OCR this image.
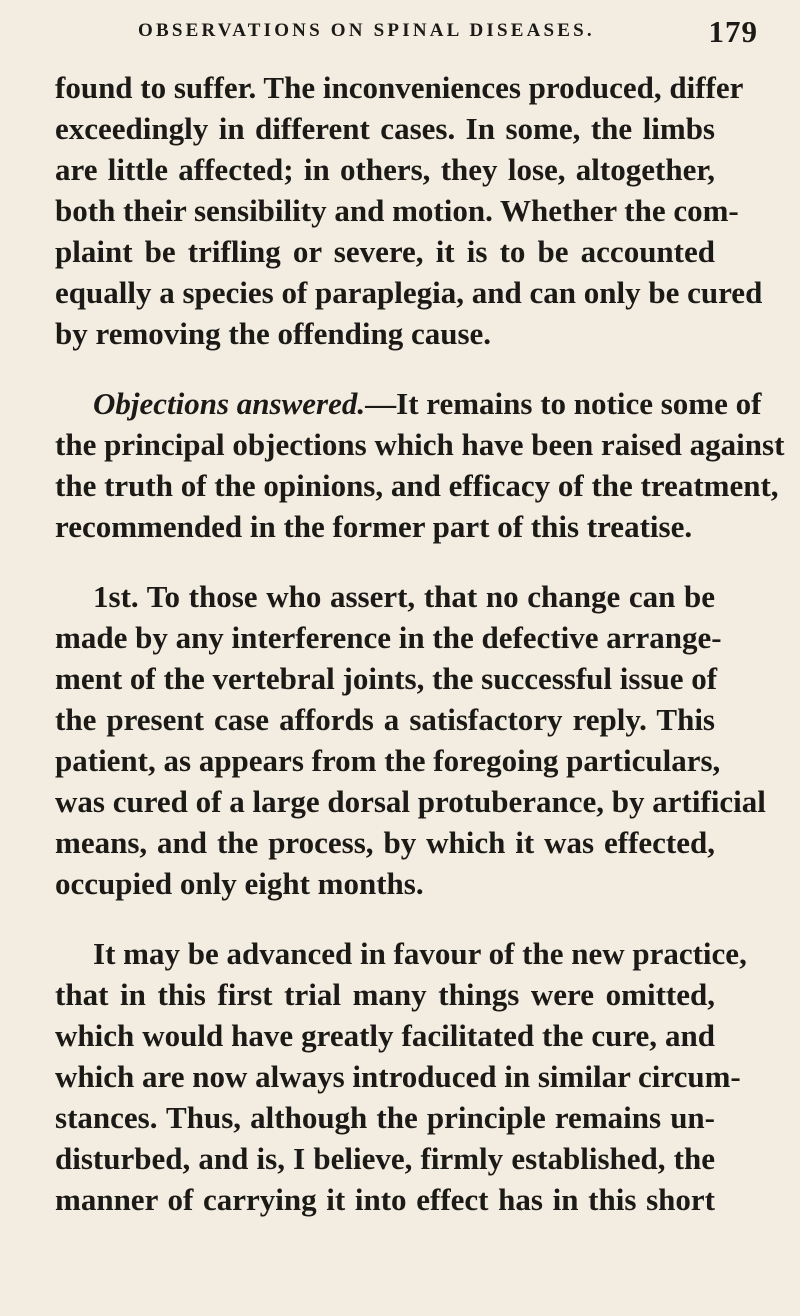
OBSERVATIONS ON SPINAL DISEASES.	179
found to suffer. The inconveniences produced, differ
exceedingly in different cases. In some, the limbs
are little affected; in others, they lose, altogether,
both their sensibility and motion. Whether the com-
plaint be trifling or severe, it is to be accounted
equally a species of paraplegia, and can only be cured
by removing the offending cause.
Objections answered.—It remains to notice some of
the principal objections which have been raised against
the truth of the opinions, and efficacy of the treatment,
recommended in the former part of this treatise.
1st. To those who assert, that no change can be
made by any interference in the defective arrange-
ment of the vertebral joints, the successful issue of
the present case affords a satisfactory reply. This
patient, as appears from the foregoing particulars,
was cured of a large dorsal protuberance, by artificial
means, and the process, by which it was effected,
occupied only eight months.
It may be advanced in favour of the new practice,
that in this first trial many things were omitted,
which would have greatly facilitated the cure, and
which are now always introduced in similar circum-
stances. Thus, although the principle remains un-
disturbed, and is, I believe, firmly established, the
manner of carrying it into effect has in this short
